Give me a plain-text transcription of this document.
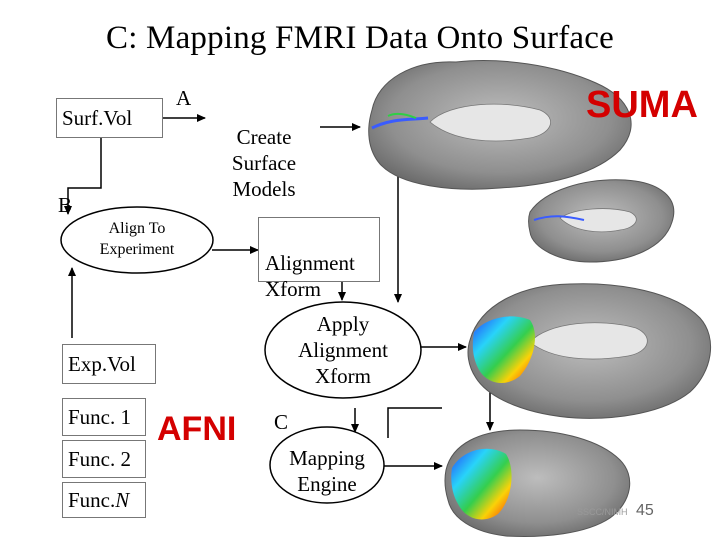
C: Mapping FMRI Data Onto Surface
A
B
C
Surf.Vol

Create
Surface
Models

Alignment
Xform

Exp.Vol
Func. 1
Func. 2
Func. N
Align To
Experiment
Apply
Alignment
Xform
Mapping
Engine
SUMA
AFNI
SSCC/NIMH 45
